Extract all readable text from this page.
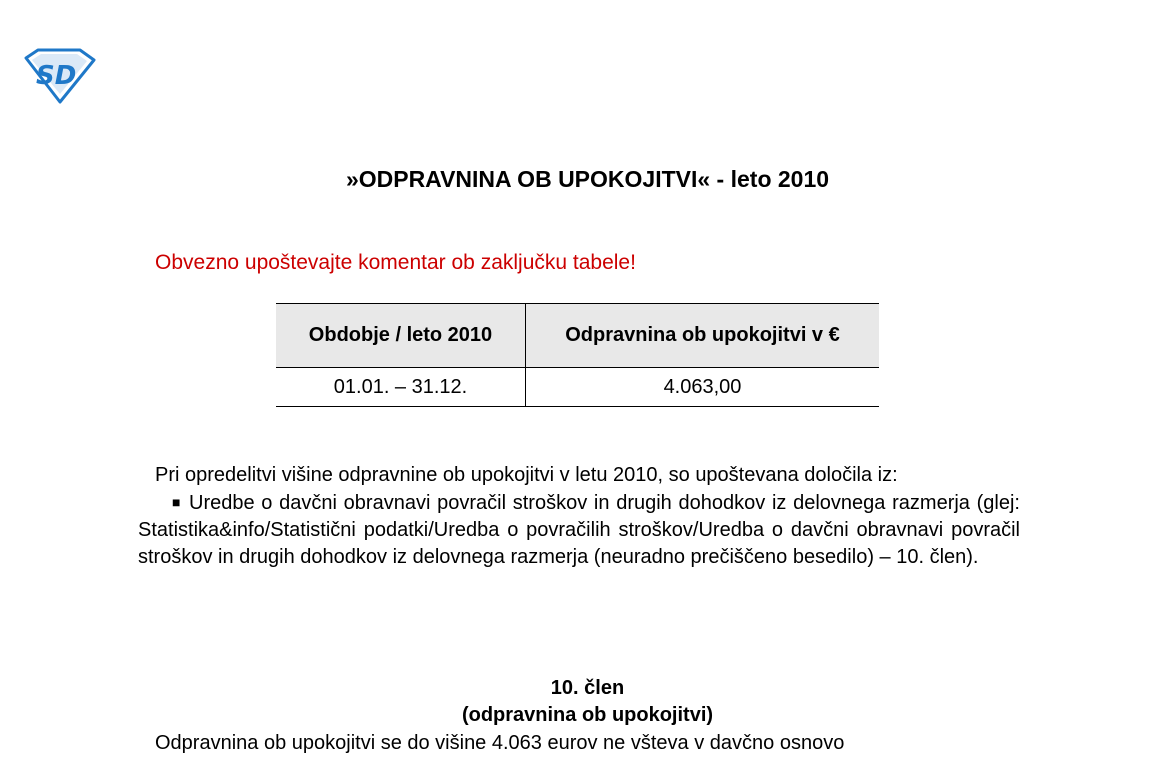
SD
»ODPRAVNINA OB UPOKOJITVI« - leto 2010

Obvezno upoštevajte komentar ob zaključku tabele!

Obdobje / leto 2010	Odpravnina ob upokojitvi v €
01.01. – 31.12.	4.063,00

Pri opredelitvi višine odpravnine ob upokojitvi v letu 2010, so upoštevana določila iz:

■ Uredbe o davčni obravnavi povračil stroškov in drugih dohodkov iz delovnega razmerja (glej: Statistika&info/Statistični podatki/Uredba o povračilih stroškov/Uredba o davčni obravnavi povračil stroškov in drugih dohodkov iz delovnega razmerja (neuradno prečiščeno besedilo) – 10. člen).

10. člen

(odpravnina ob upokojitvi)

Odpravnina ob upokojitvi se do višine 4.063 eurov ne všteva v davčno osnovo
